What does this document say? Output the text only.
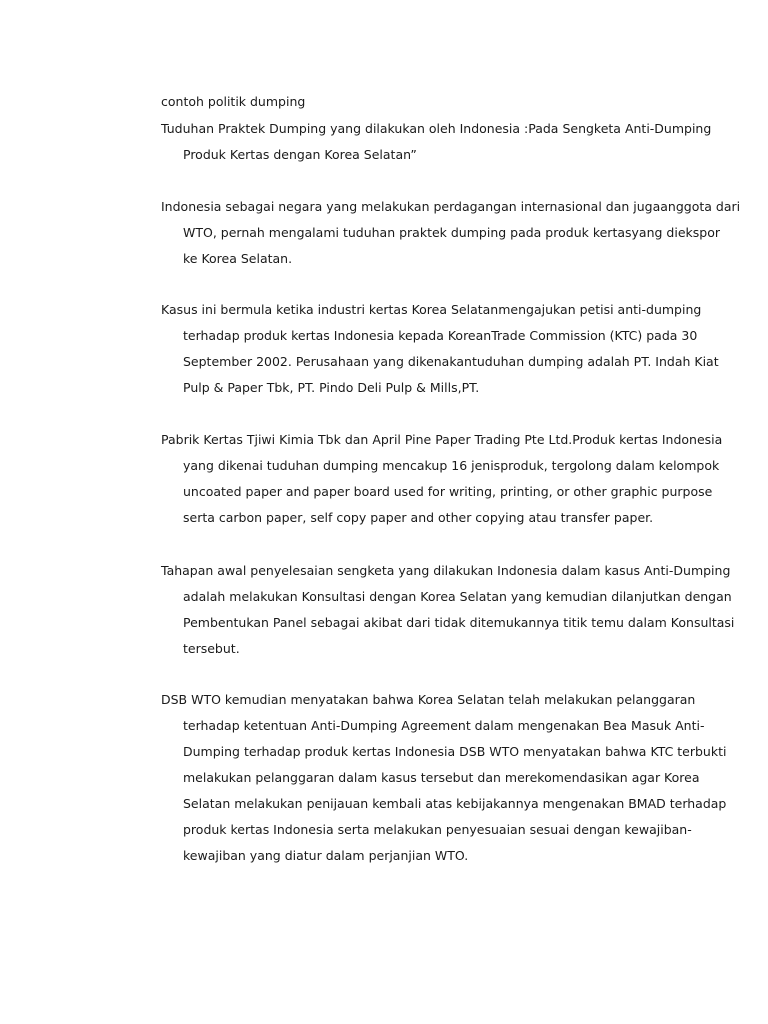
contoh politik dumping
Tuduhan Praktek Dumping yang dilakukan oleh Indonesia :Pada Sengketa Anti-Dumping
Produk Kertas dengan Korea Selatan”
Indonesia sebagai negara yang melakukan perdagangan internasional dan jugaanggota dari
WTO, pernah mengalami tuduhan praktek dumping pada produk kertasyang diekspor
ke Korea Selatan.
Kasus ini bermula ketika industri kertas Korea Selatanmengajukan petisi anti-dumping
terhadap produk kertas Indonesia kepada KoreanTrade Commission (KTC) pada 30
September 2002. Perusahaan yang dikenakantuduhan dumping adalah PT. Indah Kiat
Pulp & Paper Tbk, PT. Pindo Deli Pulp & Mills,PT.
Pabrik Kertas Tjiwi Kimia Tbk dan April Pine Paper Trading Pte Ltd.Produk kertas Indonesia
yang dikenai tuduhan dumping mencakup 16 jenisproduk, tergolong dalam kelompok
uncoated paper and paper board used for writing, printing, or other graphic purpose
serta carbon paper, self copy paper and other copying atau transfer paper.
Tahapan awal penyelesaian sengketa yang dilakukan Indonesia dalam kasus Anti-Dumping
adalah melakukan Konsultasi dengan Korea Selatan yang kemudian dilanjutkan dengan
Pembentukan Panel sebagai akibat dari tidak ditemukannya titik temu dalam Konsultasi
tersebut.
DSB WTO kemudian menyatakan bahwa Korea Selatan telah melakukan pelanggaran
terhadap ketentuan Anti-Dumping Agreement dalam mengenakan Bea Masuk Anti-
Dumping terhadap produk kertas Indonesia DSB WTO menyatakan bahwa KTC terbukti
melakukan pelanggaran dalam kasus tersebut dan merekomendasikan agar Korea
Selatan melakukan penijauan kembali atas kebijakannya mengenakan BMAD terhadap
produk kertas Indonesia serta melakukan penyesuaian sesuai dengan kewajiban-
kewajiban yang diatur dalam perjanjian WTO.
